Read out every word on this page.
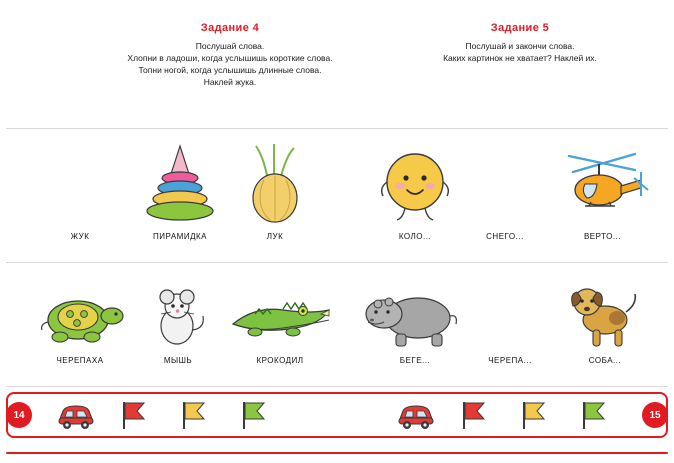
Задание 4
Послушай слова.
Хлопни в ладоши, когда услышишь короткие слова.
Топни ногой, когда услышишь длинные слова.
Наклей жука.
Задание 5
Послушай и закончи слова.
Каких картинок не хватает? Наклей их.
ЖУК	ПИРАМИДКА	ЛУК	КОЛО...	СНЕГО...	ВЕРТО...
ЧЕРЕПАХА	МЫШЬ	КРОКОДИЛ	БЕГЕ...	ЧЕРЕПА...	СОБА...
14	15
